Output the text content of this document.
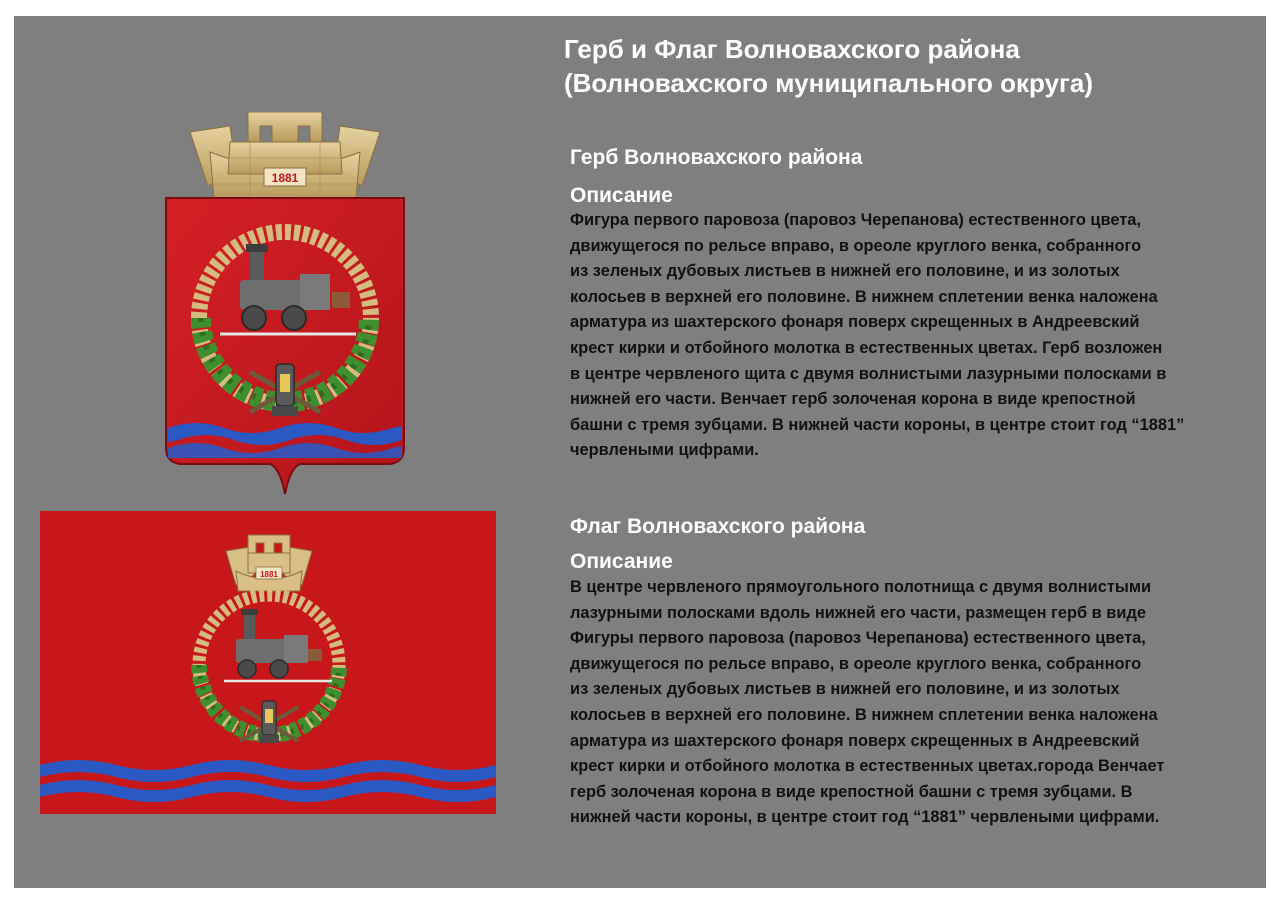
1881
1881
Герб и Флаг Волновахского района
(Волновахского муниципального округа)
Герб Волновахского района
Описание
Фигура первого паровоза (паровоз Черепанова) естественного цвета,
движущегося по рельсе вправо, в ореоле круглого венка, собранного
из зеленых дубовых листьев в нижней его половине, и из золотых
колосьев в верхней его половине. В нижнем сплетении венка наложена
арматура из шахтерского фонаря поверх скрещенных в Андреевский
крест кирки и отбойного молотка в естественных цветах. Герб возложен
в центре червленого щита с двумя волнистыми лазурными полосками в
нижней его части. Венчает герб золоченая корона в виде крепостной
башни с тремя зубцами. В нижней части короны, в центре стоит год “1881”
червлеными цифрами.
Флаг Волновахского района
Описание
В центре червленого прямоугольного полотнища с двумя волнистыми
лазурными полосками вдоль нижней его части, размещен герб в виде
Фигуры первого паровоза (паровоз Черепанова) естественного цвета,
движущегося по рельсе вправо, в ореоле круглого венка, собранного
из зеленых дубовых листьев в нижней его половине, и из золотых
колосьев в верхней его половине. В нижнем сплетении венка наложена
арматура из шахтерского фонаря поверх скрещенных в Андреевский
крест кирки и отбойного молотка в естественных цветах.города Венчает
герб золоченая корона в виде крепостной башни с тремя зубцами. В
нижней части короны, в центре стоит год “1881” червлеными цифрами.
